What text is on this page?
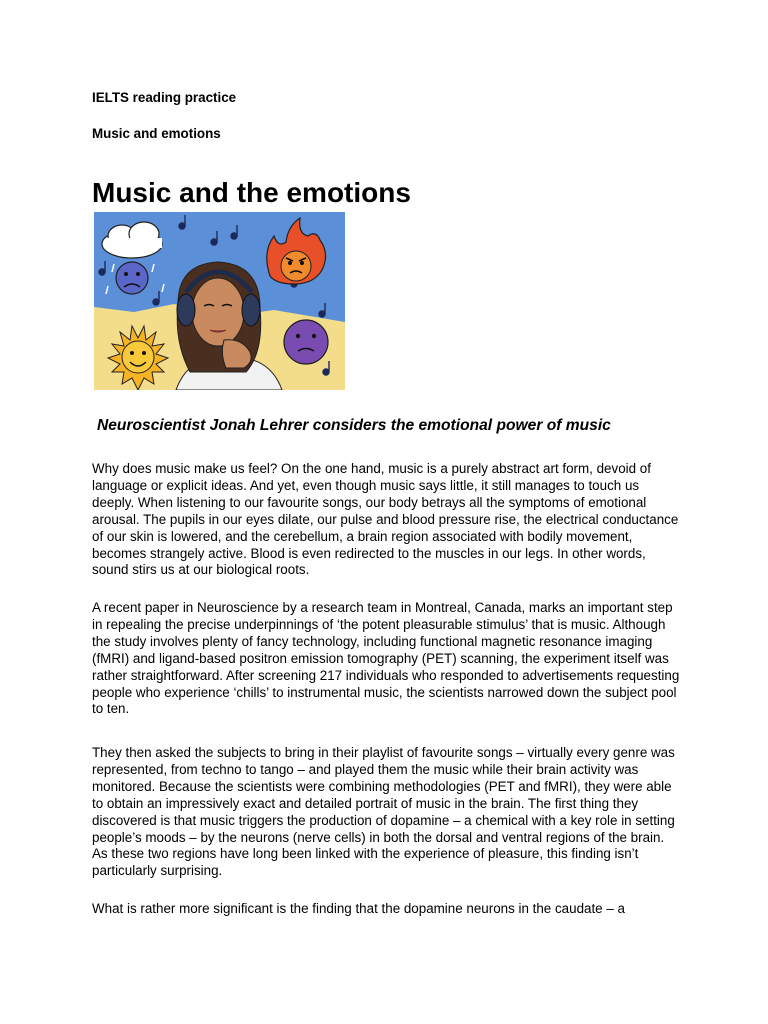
IELTS reading practice

Music and emotions

Music and the emotions

Neuroscientist Jonah Lehrer considers the emotional power of music

Why does music make us feel? On the one hand, music is a purely abstract art form, devoid of language or explicit ideas. And yet, even though music says little, it still manages to touch us deeply. When listening to our favourite songs, our body betrays all the symptoms of emotional arousal. The pupils in our eyes dilate, our pulse and blood pressure rise, the electrical conductance of our skin is lowered, and the cerebellum, a brain region associated with bodily movement, becomes strangely active. Blood is even redirected to the muscles in our legs. In other words, sound stirs us at our biological roots.

A recent paper in Neuroscience by a research team in Montreal, Canada, marks an important step in repealing the precise underpinnings of ‘the potent pleasurable stimulus’ that is music. Although the study involves plenty of fancy technology, including functional magnetic resonance imaging (fMRI) and ligand-based positron emission tomography (PET) scanning, the experiment itself was rather straightforward. After screening 217 individuals who responded to advertisements requesting people who experience ‘chills’ to instrumental music, the scientists narrowed down the subject pool to ten.

They then asked the subjects to bring in their playlist of favourite songs – virtually every genre was represented, from techno to tango – and played them the music while their brain activity was monitored. Because the scientists were combining methodologies (PET and fMRI), they were able to obtain an impressively exact and detailed portrait of music in the brain. The first thing they discovered is that music triggers the production of dopamine – a chemical with a key role in setting people’s moods – by the neurons (nerve cells) in both the dorsal and ventral regions of the brain. As these two regions have long been linked with the experience of pleasure, this finding isn’t particularly surprising.

What is rather more significant is the finding that the dopamine neurons in the caudate – a
